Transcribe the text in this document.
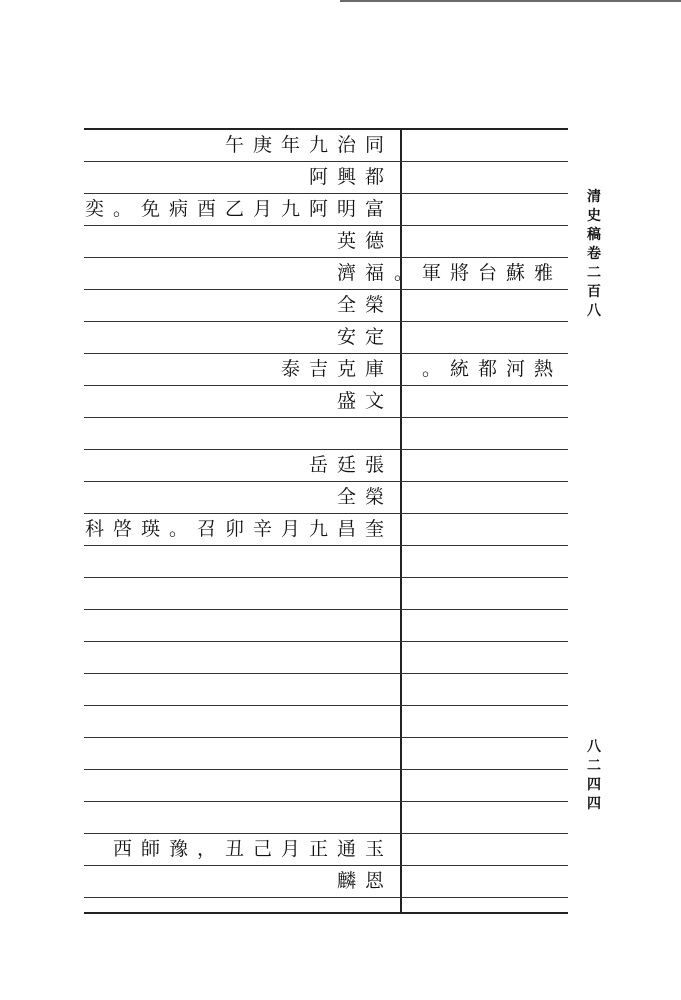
同治九年庚午
都興阿
富明阿九月乙酉病免。奕
德英
福濟 雅蘇台將軍。
榮全
定安
庫克吉泰 熱河都統。
文盛
張廷岳
榮全
奎昌九月辛卯召。瑛啓科
玉通正月己丑，豫師西
恩麟
清史稿卷二百八
八二四四
